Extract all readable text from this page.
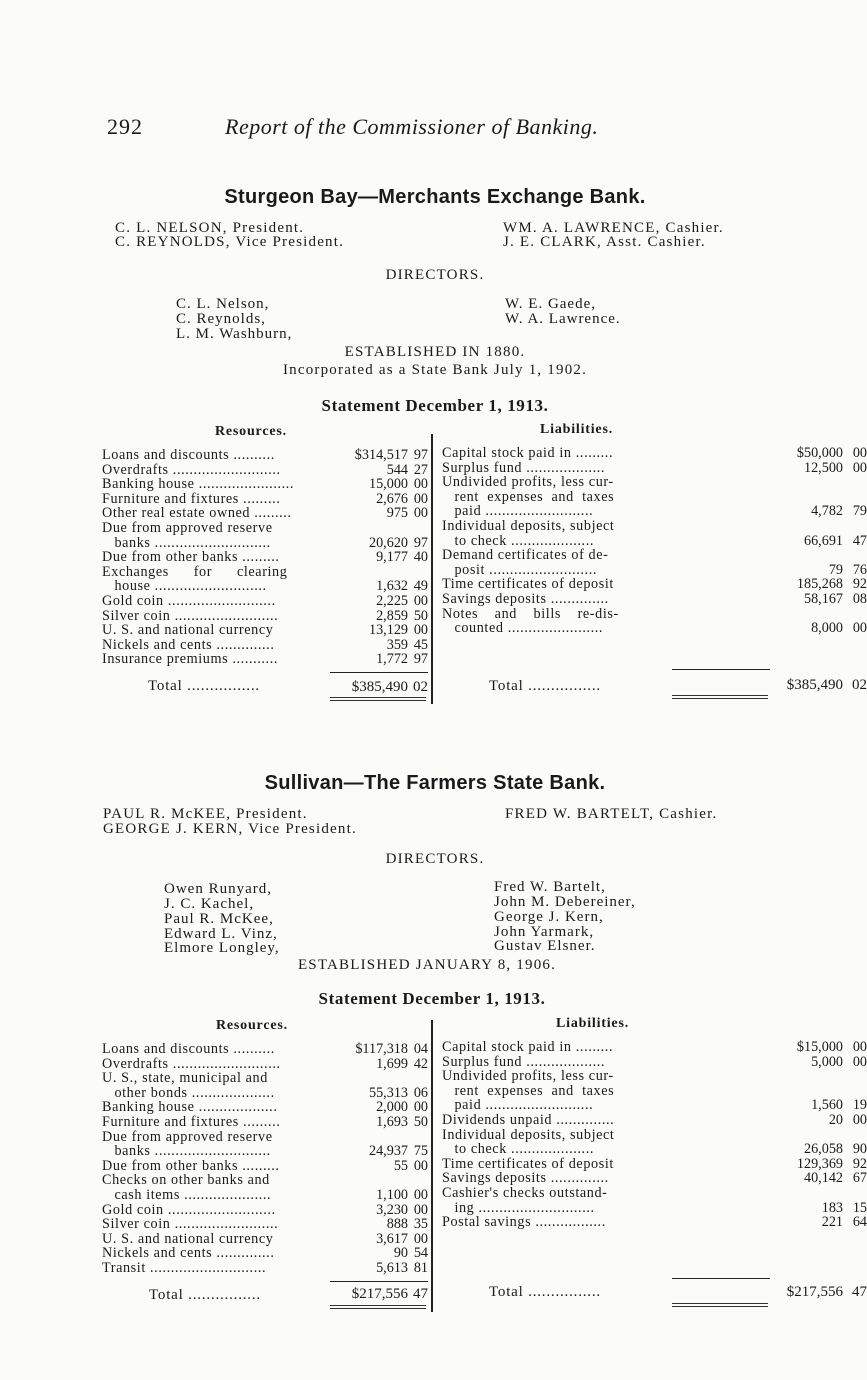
292	Report of the Commissioner of Banking.
Sturgeon Bay—Merchants Exchange Bank.
C. L. NELSON, President.
C. REYNOLDS, Vice President.
WM. A. LAWRENCE, Cashier.
J. E. CLARK, Asst. Cashier.
DIRECTORS.
C. L. Nelson,
C. Reynolds,
L. M. Washburn,
W. E. Gaede,
W. A. Lawrence.
ESTABLISHED IN 1880.
Incorporated as a State Bank July 1, 1902.
Statement December 1, 1913.
Resources.	Liabilities.
Loans and discounts ..........	$314,517 97
Overdrafts ..........................	544 27
Banking house .......................	15,000 00
Furniture and fixtures .........	2,676 00
Other real estate owned .........	975 00
Due from approved reserve
banks ............................	20,620 97
Due from other banks .........	9,177 40
Exchanges      for      clearing
house ...........................	1,632 49
Gold coin ..........................	2,225 00
Silver coin .........................	2,859 50
U. S. and national currency	13,129 00
Nickels and cents ..............	359 45
Insurance premiums ...........	1,772 97
Capital stock paid in .........	$50,000 00
Surplus fund ...................	12,500 00
Undivided profits, less cur-
rent  expenses  and  taxes
paid ..........................	4,782 79
Individual deposits, subject
to check ....................	66,691 47
Demand certificates of de-
posit ..........................	79 76
Time certificates of deposit	185,268 92
Savings deposits ..............	58,167 08
Notes    and    bills    re-dis-
counted .......................	8,000 00
Total ................	$385,490 02	Total ................	$385,490 02
Sullivan—The Farmers State Bank.
PAUL R. McKEE, President.
GEORGE J. KERN, Vice President.
FRED W. BARTELT, Cashier.
DIRECTORS.
Owen Runyard,
J. C. Kachel,
Paul R. McKee,
Edward L. Vinz,
Elmore Longley,
Fred W. Bartelt,
John M. Debereiner,
George J. Kern,
John Yarmark,
Gustav Elsner.
ESTABLISHED JANUARY 8, 1906.
Statement December 1, 1913.
Resources.	Liabilities.
Loans and discounts ..........	$117,318 04
Overdrafts ..........................	1,699 42
U. S., state, municipal and
other bonds ....................	55,313 06
Banking house ...................	2,000 00
Furniture and fixtures .........	1,693 50
Due from approved reserve
banks ............................	24,937 75
Due from other banks .........	55 00
Checks on other banks and
cash items .....................	1,100 00
Gold coin ..........................	3,230 00
Silver coin .........................	888 35
U. S. and national currency	3,617 00
Nickels and cents ..............	90 54
Transit ............................	5,613 81
Capital stock paid in .........	$15,000 00
Surplus fund ...................	5,000 00
Undivided profits, less cur-
rent  expenses  and  taxes
paid ..........................	1,560 19
Dividends unpaid ..............	20 00
Individual deposits, subject
to check ....................	26,058 90
Time certificates of deposit	129,369 92
Savings deposits ..............	40,142 67
Cashier's checks outstand-
ing ............................	183 15
Postal savings .................	221 64
Total ................	$217,556 47	Total ................	$217,556 47
